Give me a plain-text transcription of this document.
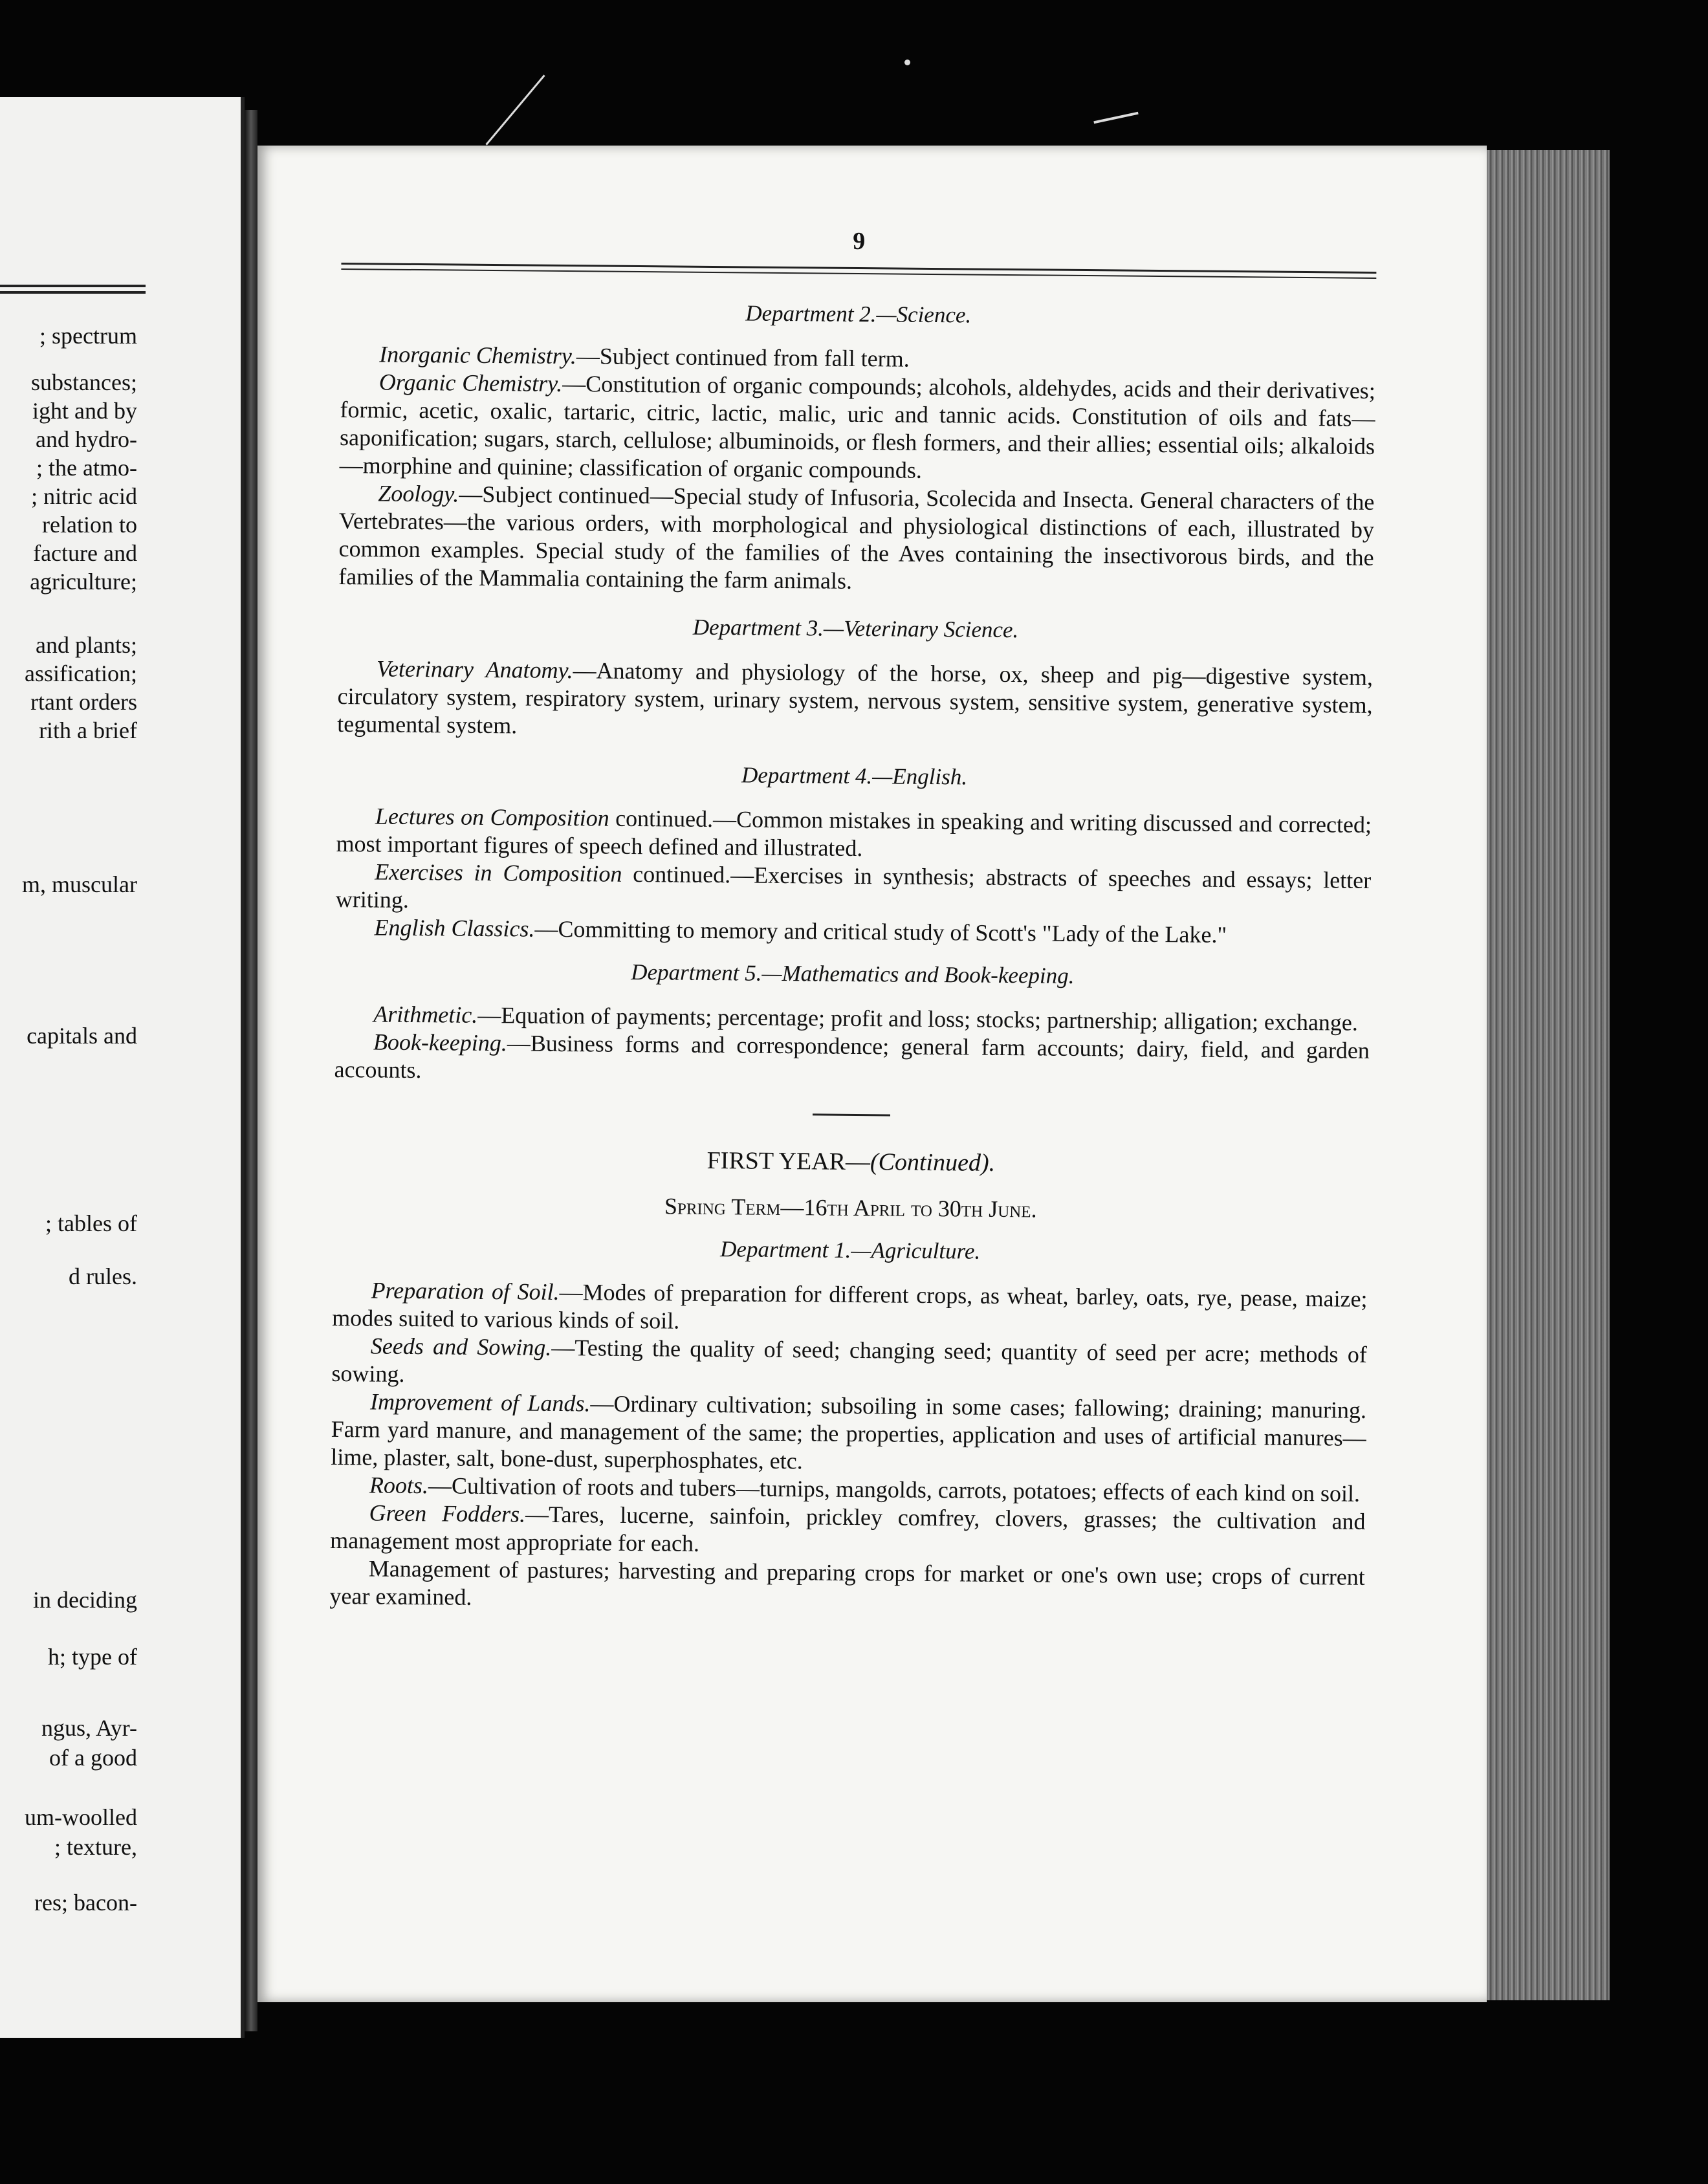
; spectrum

substances;

ight and by

and hydro-

; the atmo-

; nitric acid

relation to

facture and

agriculture;

and plants;

assification;

rtant orders

rith a brief

m, muscular

capitals and

; tables of

d rules.

in deciding

h; type of

ngus, Ayr-

of a good

um-woolled

; texture,

res; bacon-

9
Department 2.—Science.

Inorganic Chemistry.—Subject continued from fall term.

Organic Chemistry.—Constitution of organic compounds; alcohols, aldehydes, acids and their derivatives; formic, acetic, oxalic, tartaric, citric, lactic, malic, uric and tannic acids. Constitution of oils and fats—saponification; sugars, starch, cellulose; albuminoids, or flesh formers, and their allies; essential oils; alkaloids—morphine and quinine; classification of organic compounds.

Zoology.—Subject continued—Special study of Infusoria, Scolecida and Insecta. General characters of the Vertebrates—the various orders, with morphological and physiological distinctions of each, illustrated by common examples. Special study of the families of the Aves containing the insectivorous birds, and the families of the Mammalia containing the farm animals.

Department 3.—Veterinary Science.

Veterinary Anatomy.—Anatomy and physiology of the horse, ox, sheep and pig—digestive system, circulatory system, respiratory system, urinary system, nervous system, sensitive system, generative system, tegumental system.

Department 4.—English.

Lectures on Composition continued.—Common mistakes in speaking and writing discussed and corrected; most important figures of speech defined and illustrated.

Exercises in Composition continued.—Exercises in synthesis; abstracts of speeches and essays; letter writing.

English Classics.—Committing to memory and critical study of Scott's "Lady of the Lake."

Department 5.—Mathematics and Book-keeping.

Arithmetic.—Equation of payments; percentage; profit and loss; stocks; partnership; alligation; exchange.

Book-keeping.—Business forms and correspondence; general farm accounts; dairy, field, and garden accounts.

FIRST YEAR—(Continued).
Spring Term—16th April to 30th June.
Department 1.—Agriculture.

Preparation of Soil.—Modes of preparation for different crops, as wheat, barley, oats, rye, pease, maize; modes suited to various kinds of soil.

Seeds and Sowing.—Testing the quality of seed; changing seed; quantity of seed per acre; methods of sowing.

Improvement of Lands.—Ordinary cultivation; subsoiling in some cases; fallowing; draining; manuring. Farm yard manure, and management of the same; the properties, application and uses of artificial manures—lime, plaster, salt, bone-dust, superphosphates, etc.

Roots.—Cultivation of roots and tubers—turnips, mangolds, carrots, potatoes; effects of each kind on soil.

Green Fodders.—Tares, lucerne, sainfoin, prickley comfrey, clovers, grasses; the cultivation and management most appropriate for each.

Management of pastures; harvesting and preparing crops for market or one's own use; crops of current year examined.
